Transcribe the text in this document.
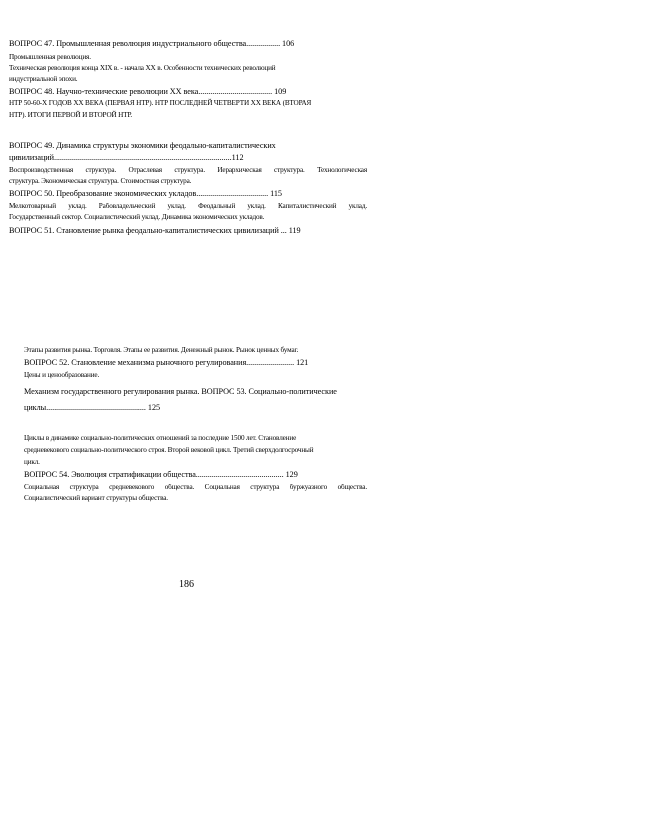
ВОПРОС 47. Промышленная революция индустриального общества................. 106
Промышленная революция.
Техническая революция конца XIX в. - начала XX в. Особенности технических революций
индустриальной эпохи.
ВОПРОС 48. Научно-технические революции XX века..................................... 109
НТР 50-60-Х ГОДОВ XX ВЕКА (ПЕРВАЯ НТР). НТР ПОСЛЕДНЕЙ ЧЕТВЕРТИ XX ВЕКА (ВТОРАЯ
НТР). ИТОГИ ПЕРВОЙ И ВТОРОЙ НТР.
ВОПРОС 49. Динамика структуры экономики феодально-капиталистических
цивилизаций.........................................................................................112
Воспроизводственная структура. Отраслевая структура. Иерархическая структура. Технологическая
структура. Экономическая структура. Стоимостная структура.
ВОПРОС 50. Преобразование экономических укладов.................................... 115
Мелкотоварный уклад. Рабовладельческий уклад. Феодальный уклад. Капиталистический уклад.
Государственный сектор. Социалистический уклад. Динамика экономических укладов.
ВОПРОС 51. Становление рынка феодально-капиталистических цивилизаций ... 119
Этапы развития рынка. Торговля. Этапы ее развития. Денежный рынок. Рынок ценных бумаг.
ВОПРОС 52. Становление механизма рыночного регулирования........................ 121
Цены и ценообразование.
Механизм государственного регулирования рынка. ВОПРОС 53. Социально-политические
циклы.................................................. 125
Циклы в динамике социально-политических отношений за последние 1500 лет. Становление
средневекового социально-политического строя. Второй вековой цикл. Третий сверхдолгосрочный
цикл.
ВОПРОС 54. Эволюция стратификации общества............................................ 129
Социальная структура средневекового общества. Социальная структура буржуазного общества.
Социалистический вариант структуры общества.
186
